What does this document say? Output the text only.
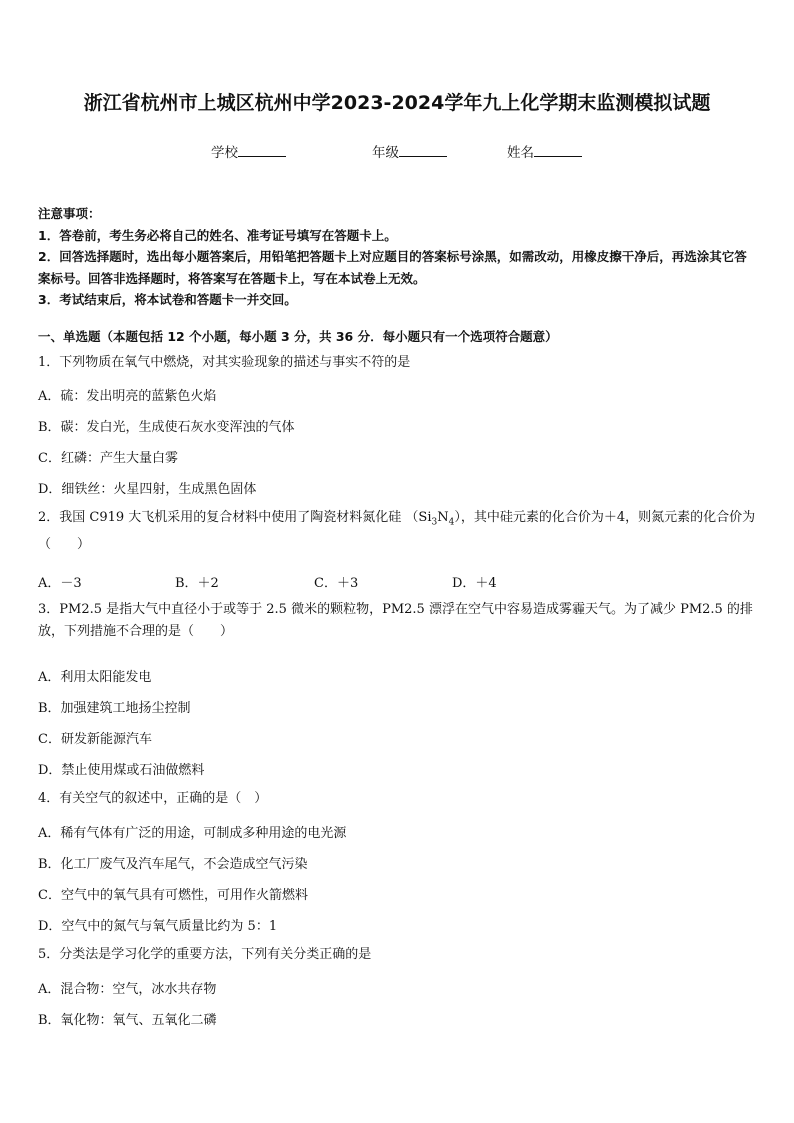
浙江省杭州市上城区杭州中学2023-2024学年九上化学期末监测模拟试题
学校	年级	姓名
注意事项：
1．答卷前，考生务必将自己的姓名、准考证号填写在答题卡上。
2．回答选择题时，选出每小题答案后，用铅笔把答题卡上对应题目的答案标号涂黑，如需改动，用橡皮擦干净后，再选涂其它答案标号。回答非选择题时，将答案写在答题卡上，写在本试卷上无效。
3．考试结束后，将本试卷和答题卡一并交回。
一、单选题（本题包括 12 个小题，每小题 3 分，共 36 分．每小题只有一个选项符合题意）
1．下列物质在氧气中燃烧，对其实验现象的描述与事实不符的是
A．硫：发出明亮的蓝紫色火焰
B．碳：发白光，生成使石灰水变浑浊的气体
C．红磷：产生大量白雾
D．细铁丝：火星四射，生成黑色固体
2．我国 C919 大飞机采用的复合材料中使用了陶瓷材料氮化硅 $(Si_3N_4)$，其中硅元素的化合价为＋4，则氮元素的化合价为（　　）
A．－3	B．＋2	C．＋3	D．＋4
3．PM2.5 是指大气中直径小于或等于 2.5 微米的颗粒物，PM2.5 漂浮在空气中容易造成雾霾天气。为了减少 PM2.5 的排放，下列措施不合理的是（　　）
A．利用太阳能发电
B．加强建筑工地扬尘控制
C．研发新能源汽车
D．禁止使用煤或石油做燃料
4．有关空气的叙述中，正确的是（　）
A．稀有气体有广泛的用途，可制成多种用途的电光源
B．化工厂废气及汽车尾气，不会造成空气污染
C．空气中的氧气具有可燃性，可用作火箭燃料
D．空气中的氮气与氧气质量比约为 5：1
5．分类法是学习化学的重要方法，下列有关分类正确的是
A．混合物：空气，冰水共存物
B．氧化物：氧气、五氧化二磷
